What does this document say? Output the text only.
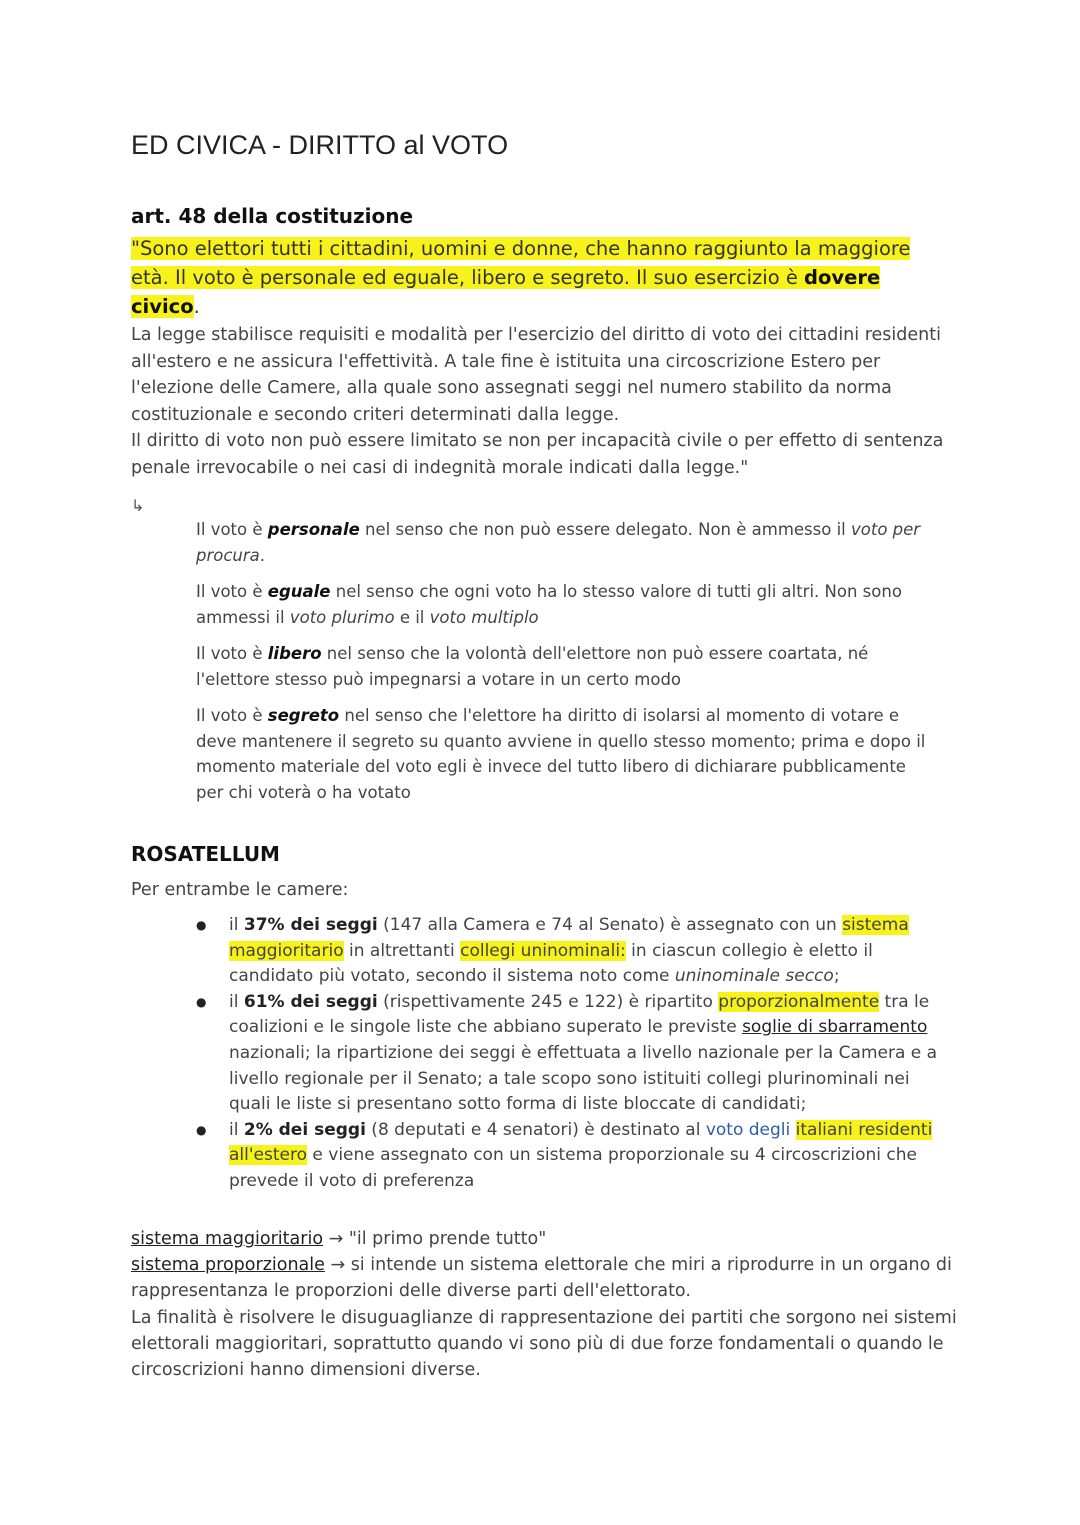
ED CIVICA - DIRITTO al VOTO
art. 48 della costituzione
"Sono elettori tutti i cittadini, uomini e donne, che hanno raggiunto la maggiore età. Il voto è personale ed eguale, libero e segreto. Il suo esercizio è dovere civico.
La legge stabilisce requisiti e modalità per l'esercizio del diritto di voto dei cittadini residenti all'estero e ne assicura l'effettività. A tale fine è istituita una circoscrizione Estero per l'elezione delle Camere, alla quale sono assegnati seggi nel numero stabilito da norma costituzionale e secondo criteri determinati dalla legge.
Il diritto di voto non può essere limitato se non per incapacità civile o per effetto di sentenza penale irrevocabile o nei casi di indegnità morale indicati dalla legge."
↳

Il voto è personale nel senso che non può essere delegato. Non è ammesso il voto per procura.

Il voto è eguale nel senso che ogni voto ha lo stesso valore di tutti gli altri. Non sono ammessi il voto plurimo e il voto multiplo

Il voto è libero nel senso che la volontà dell'elettore non può essere coartata, né l'elettore stesso può impegnarsi a votare in un certo modo

Il voto è segreto nel senso che l'elettore ha diritto di isolarsi al momento di votare e deve mantenere il segreto su quanto avviene in quello stesso momento; prima e dopo il momento materiale del voto egli è invece del tutto libero di dichiarare pubblicamente per chi voterà o ha votato

ROSATELLUM
Per entrambe le camere:
● il 37% dei seggi (147 alla Camera e 74 al Senato) è assegnato con un sistema maggioritario in altrettanti collegi uninominali: in ciascun collegio è eletto il candidato più votato, secondo il sistema noto come uninominale secco;
● il 61% dei seggi (rispettivamente 245 e 122) è ripartito proporzionalmente tra le coalizioni e le singole liste che abbiano superato le previste soglie di sbarramento nazionali; la ripartizione dei seggi è effettuata a livello nazionale per la Camera e a livello regionale per il Senato; a tale scopo sono istituiti collegi plurinominali nei quali le liste si presentano sotto forma di liste bloccate di candidati;
● il 2% dei seggi (8 deputati e 4 senatori) è destinato al voto degli italiani residenti all'estero e viene assegnato con un sistema proporzionale su 4 circoscrizioni che prevede il voto di preferenza
sistema maggioritario → "il primo prende tutto"
sistema proporzionale → si intende un sistema elettorale che miri a riprodurre in un organo di rappresentanza le proporzioni delle diverse parti dell'elettorato.
La finalità è risolvere le disuguaglianze di rappresentazione dei partiti che sorgono nei sistemi elettorali maggioritari, soprattutto quando vi sono più di due forze fondamentali o quando le circoscrizioni hanno dimensioni diverse.
